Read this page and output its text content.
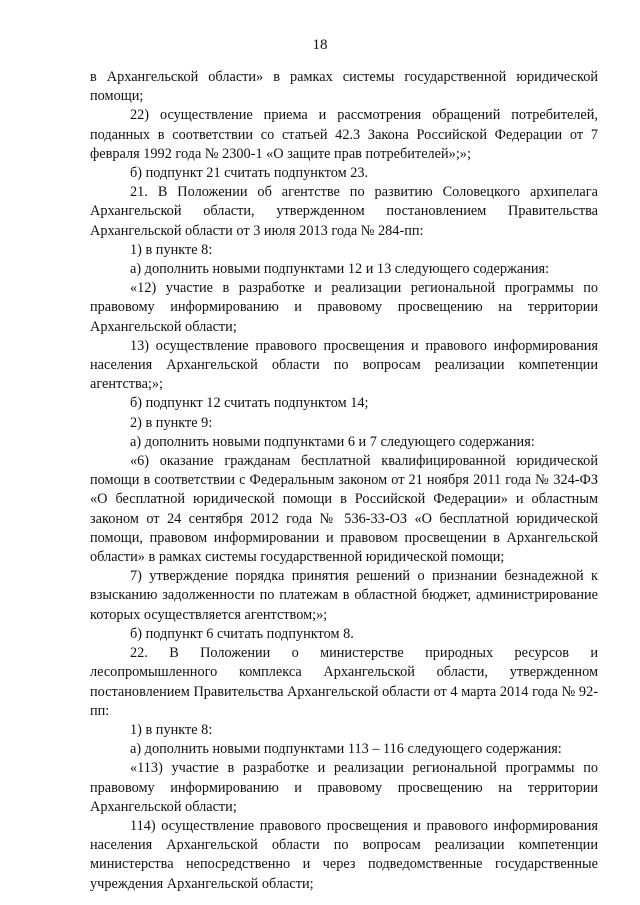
18

в Архангельской области» в рамках системы государственной юридической помощи;

22) осуществление приема и рассмотрения обращений потребителей, поданных в соответствии со статьей 42.3 Закона Российской Федерации от 7 февраля 1992 года № 2300-1 «О защите прав потребителей»;»;

б) подпункт 21 считать подпунктом 23.

21. В Положении об агентстве по развитию Соловецкого архипелага Архангельской области, утвержденном постановлением Правительства Архангельской области от 3 июля 2013 года № 284-пп:

1) в пункте 8:

а) дополнить новыми подпунктами 12 и 13 следующего содержания:

«12) участие в разработке и реализации региональной программы по правовому информированию и правовому просвещению на территории Архангельской области;

13) осуществление правового просвещения и правового информирования населения Архангельской области по вопросам реализации компетенции агентства;»;

б) подпункт 12 считать подпунктом 14;

2) в пункте 9:

а) дополнить новыми подпунктами 6 и 7 следующего содержания:

«6) оказание гражданам бесплатной квалифицированной юридической помощи в соответствии с Федеральным законом от 21 ноября 2011 года № 324-ФЗ «О бесплатной юридической помощи в Российской Федерации» и областным законом от 24 сентября 2012 года № 536-33-ОЗ «О бесплатной юридической помощи, правовом информировании и правовом просвещении в Архангельской области» в рамках системы государственной юридической помощи;

7) утверждение порядка принятия решений о признании безнадежной к взысканию задолженности по платежам в областной бюджет, администрирование которых осуществляется агентством;»;

б) подпункт 6 считать подпунктом 8.

22. В Положении о министерстве природных ресурсов и лесопромышленного комплекса Архангельской области, утвержденном постановлением Правительства Архангельской области от 4 марта 2014 года № 92-пп:

1) в пункте 8:

а) дополнить новыми подпунктами 113 – 116 следующего содержания:

«113) участие в разработке и реализации региональной программы по правовому информированию и правовому просвещению на территории Архангельской области;

114) осуществление правового просвещения и правового информирования населения Архангельской области по вопросам реализации компетенции министерства непосредственно и через подведомственные государственные учреждения Архангельской области;
